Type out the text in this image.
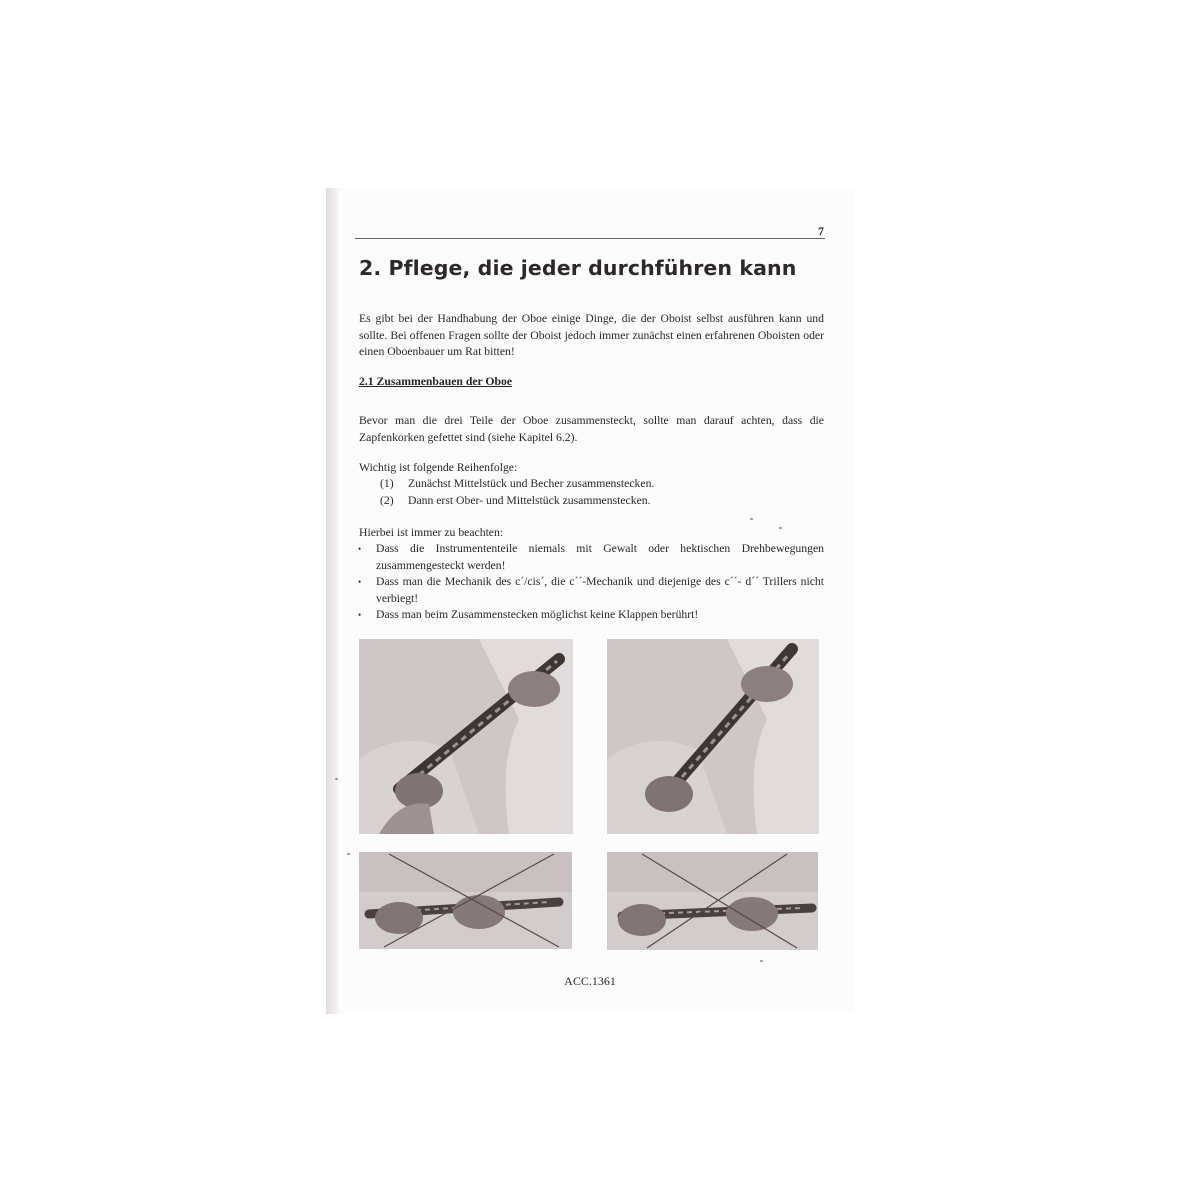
7
2. Pflege, die jeder durchführen kann
Es gibt bei der Handhabung der Oboe einige Dinge, die der Oboist selbst ausführen kann und sollte. Bei offenen Fragen sollte der Oboist jedoch immer zunächst einen erfahrenen Oboisten oder einen Oboenbauer um Rat bitten!
2.1 Zusammenbauen der Oboe
Bevor man die drei Teile der Oboe zusammensteckt, sollte man darauf achten, dass die Zapfenkorken gefettet sind (siehe Kapitel 6.2).
Wichtig ist folgende Reihenfolge:
(1)	Zunächst Mittelstück und Becher zusammenstecken.
(2)	Dann erst Ober- und Mittelstück zusammenstecken.
Hierbei ist immer zu beachten:
•	Dass die Instrumententeile niemals mit Gewalt oder hektischen Drehbewegungen zusammengesteckt werden!
•	Dass man die Mechanik des c´/cis´, die c´´-Mechanik und diejenige des c´´- d´´ Trillers nicht verbiegt!
•	Dass man beim Zusammenstecken möglichst keine Klappen berührt!
ACC.1361
